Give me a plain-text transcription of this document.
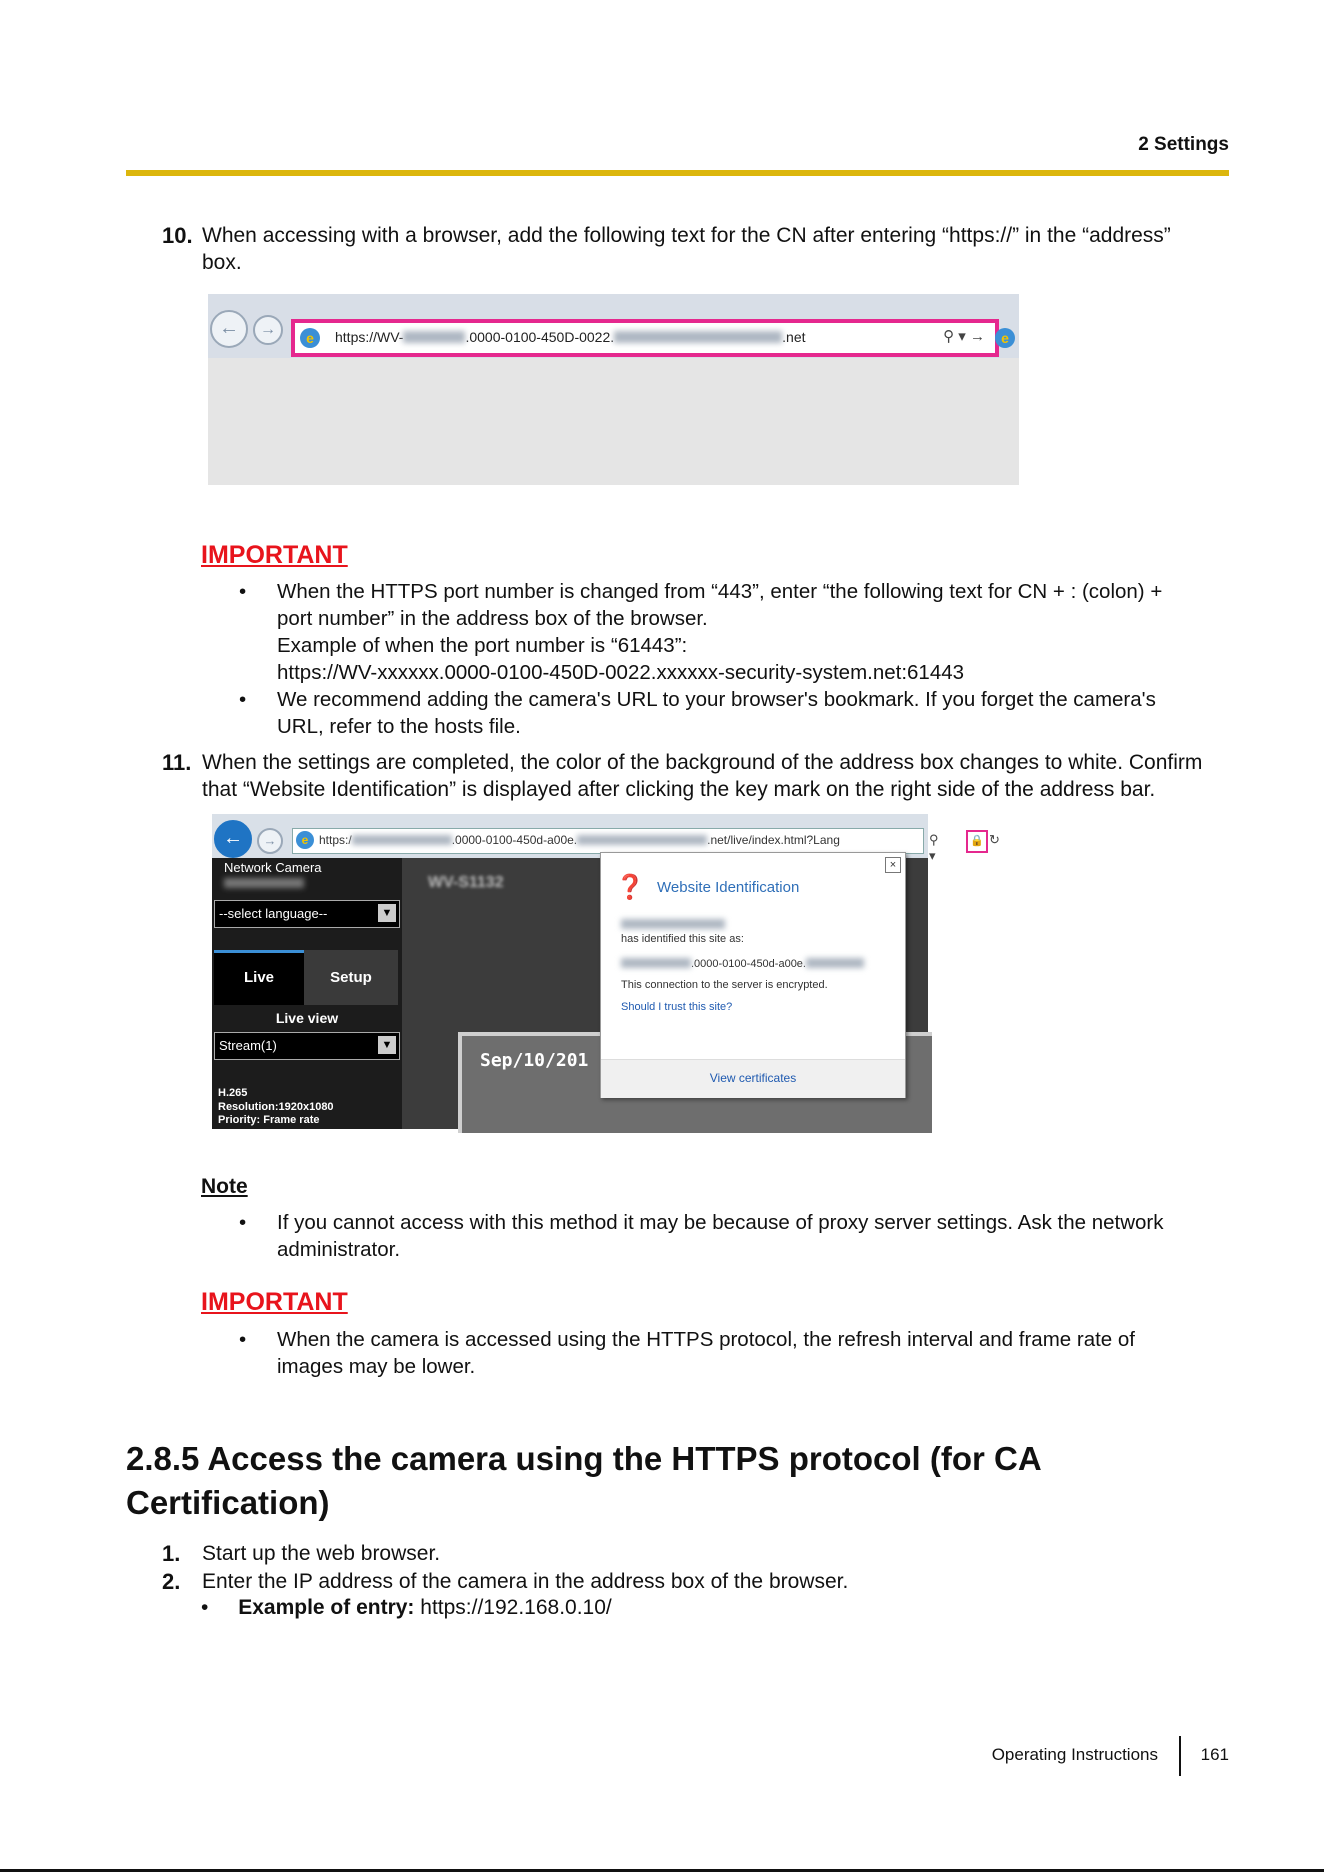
2 Settings
10. When accessing with a browser, add the following text for the CN after entering “https://” in the “address”
box.
←	→	e	https://WV-	.0000-0100-450D-0022.	.net	⚲ ▾ →	e
IMPORTANT
• When the HTTPS port number is changed from “443”, enter “the following text for CN + : (colon) +
port number” in the address box of the browser.
Example of when the port number is “61443”:
https://WV-xxxxxx.0000-0100-450D-0022.xxxxxx-security-system.net:61443
• We recommend adding the camera's URL to your browser's bookmark. If you forget the camera's
URL, refer to the hosts file.
11. When the settings are completed, the color of the background of the address box changes to white. Confirm
that “Website Identification” is displayed after clicking the key mark on the right side of the address bar.
←	→	e https:/	.0000-0100-450d-a00e.	.net/live/index.html?Lang	⚲ ▾
🔒 ↻
Network Camera
--select language--	▼
Live	Setup
Live view
Stream(1)	▼
H.265
Resolution:1920x1080
Priority: Frame rate
FPS: 30 fps
Quality: normal
Speed: 4096 kbps
WV-S1132
Sep/10/201
×
❓ Website Identification
has identified this site as:
.0000-0100-450d-a00e.
This connection to the server is encrypted.
Should I trust this site?
View certificates
Note
• If you cannot access with this method it may be because of proxy server settings. Ask the network
administrator.
IMPORTANT
• When the camera is accessed using the HTTPS protocol, the refresh interval and frame rate of
images may be lower.
2.8.5 Access the camera using the HTTPS protocol (for CA
Certification)
1. Start up the web browser.
2. Enter the IP address of the camera in the address box of the browser.
• Example of entry: https://192.168.0.10/
Operating Instructions	161
